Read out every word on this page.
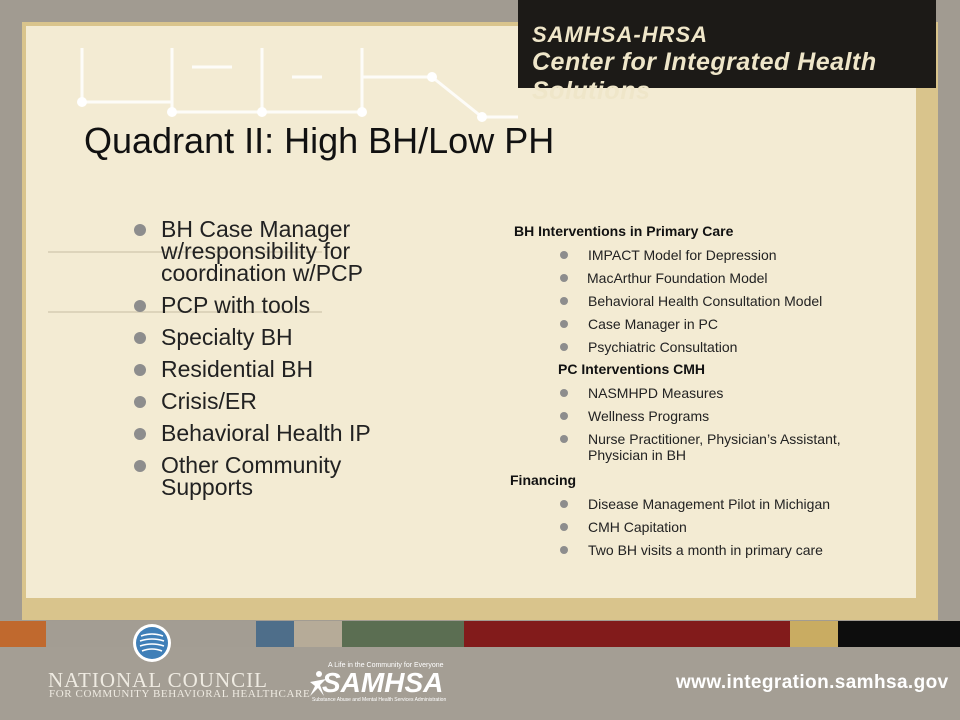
SAMHSA-HRSA
Center for Integrated Health Solutions
Quadrant II: High BH/Low PH
BH Case Manager w/responsibility for coordination w/PCP
PCP with tools
Specialty BH
Residential BH
Crisis/ER
Behavioral Health IP
Other Community Supports
BH Interventions in Primary Care
IMPACT Model for Depression
MacArthur Foundation Model
Behavioral Health Consultation Model
Case Manager in PC
Psychiatric Consultation
PC Interventions CMH
NASMHPD Measures
Wellness Programs
Nurse Practitioner, Physician’s Assistant, Physician in BH
Financing
Disease Management Pilot in Michigan
CMH Capitation
Two BH visits a month in primary care
NATIONAL COUNCIL
FOR COMMUNITY BEHAVIORAL HEALTHCARE
A Life in the Community for Everyone
SAMHSA
Substance Abuse and Mental Health Services Administration
www.integration.samhsa.gov
